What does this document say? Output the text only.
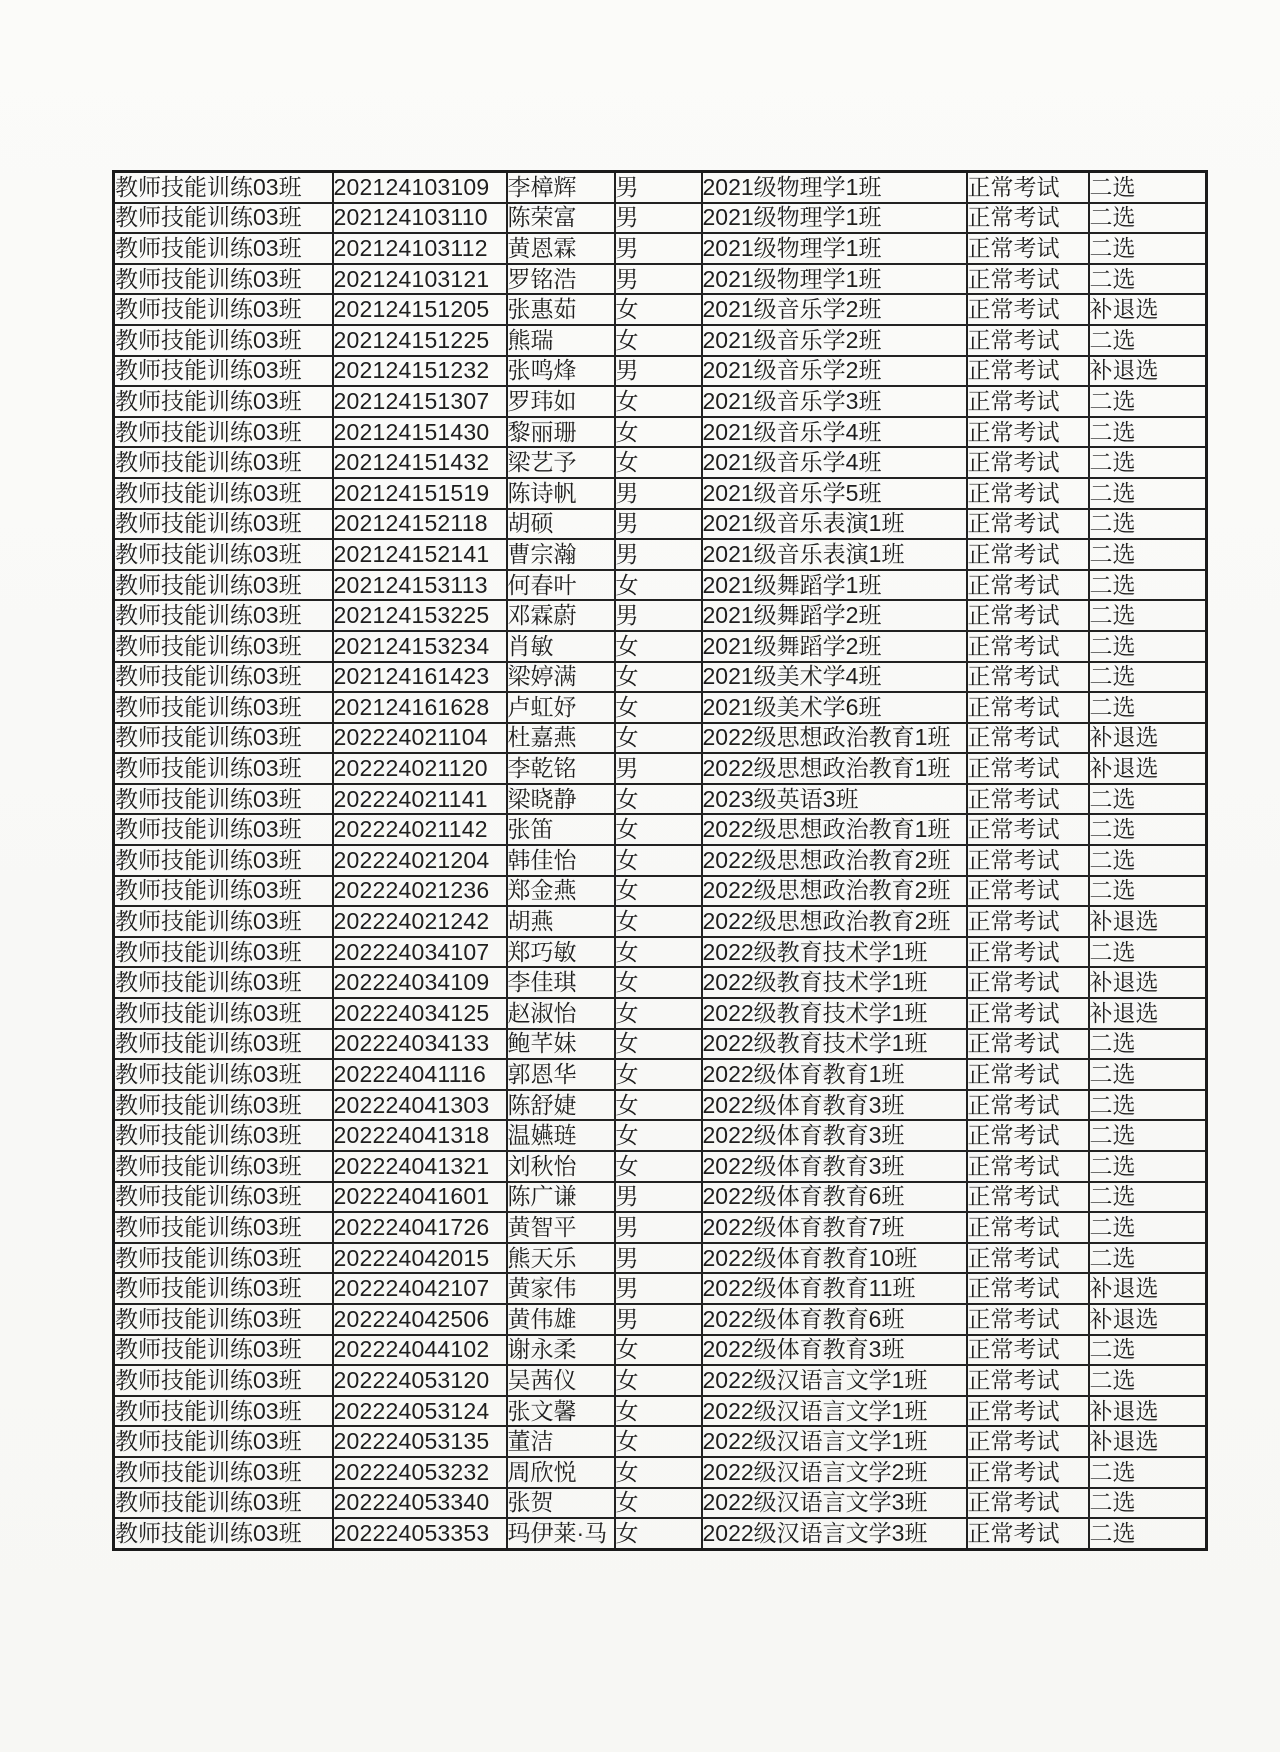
教师技能训练03班	202124103109	李樟辉	男	2021级物理学1班	正常考试	二选
教师技能训练03班	202124103110	陈荣富	男	2021级物理学1班	正常考试	二选
教师技能训练03班	202124103112	黄恩霖	男	2021级物理学1班	正常考试	二选
教师技能训练03班	202124103121	罗铭浩	男	2021级物理学1班	正常考试	二选
教师技能训练03班	202124151205	张惠茹	女	2021级音乐学2班	正常考试	补退选
教师技能训练03班	202124151225	熊瑞	女	2021级音乐学2班	正常考试	二选
教师技能训练03班	202124151232	张鸣烽	男	2021级音乐学2班	正常考试	补退选
教师技能训练03班	202124151307	罗玮如	女	2021级音乐学3班	正常考试	二选
教师技能训练03班	202124151430	黎丽珊	女	2021级音乐学4班	正常考试	二选
教师技能训练03班	202124151432	梁艺予	女	2021级音乐学4班	正常考试	二选
教师技能训练03班	202124151519	陈诗帆	男	2021级音乐学5班	正常考试	二选
教师技能训练03班	202124152118	胡硕	男	2021级音乐表演1班	正常考试	二选
教师技能训练03班	202124152141	曹宗瀚	男	2021级音乐表演1班	正常考试	二选
教师技能训练03班	202124153113	何春叶	女	2021级舞蹈学1班	正常考试	二选
教师技能训练03班	202124153225	邓霖蔚	男	2021级舞蹈学2班	正常考试	二选
教师技能训练03班	202124153234	肖敏	女	2021级舞蹈学2班	正常考试	二选
教师技能训练03班	202124161423	梁婷满	女	2021级美术学4班	正常考试	二选
教师技能训练03班	202124161628	卢虹妤	女	2021级美术学6班	正常考试	二选
教师技能训练03班	202224021104	杜嘉燕	女	2022级思想政治教育1班	正常考试	补退选
教师技能训练03班	202224021120	李乾铭	男	2022级思想政治教育1班	正常考试	补退选
教师技能训练03班	202224021141	梁晓静	女	2023级英语3班	正常考试	二选
教师技能训练03班	202224021142	张笛	女	2022级思想政治教育1班	正常考试	二选
教师技能训练03班	202224021204	韩佳怡	女	2022级思想政治教育2班	正常考试	二选
教师技能训练03班	202224021236	郑金燕	女	2022级思想政治教育2班	正常考试	二选
教师技能训练03班	202224021242	胡燕	女	2022级思想政治教育2班	正常考试	补退选
教师技能训练03班	202224034107	郑巧敏	女	2022级教育技术学1班	正常考试	二选
教师技能训练03班	202224034109	李佳琪	女	2022级教育技术学1班	正常考试	补退选
教师技能训练03班	202224034125	赵淑怡	女	2022级教育技术学1班	正常考试	补退选
教师技能训练03班	202224034133	鲍芊妹	女	2022级教育技术学1班	正常考试	二选
教师技能训练03班	202224041116	郭恩华	女	2022级体育教育1班	正常考试	二选
教师技能训练03班	202224041303	陈舒婕	女	2022级体育教育3班	正常考试	二选
教师技能训练03班	202224041318	温嬿琏	女	2022级体育教育3班	正常考试	二选
教师技能训练03班	202224041321	刘秋怡	女	2022级体育教育3班	正常考试	二选
教师技能训练03班	202224041601	陈广谦	男	2022级体育教育6班	正常考试	二选
教师技能训练03班	202224041726	黄智平	男	2022级体育教育7班	正常考试	二选
教师技能训练03班	202224042015	熊天乐	男	2022级体育教育10班	正常考试	二选
教师技能训练03班	202224042107	黄家伟	男	2022级体育教育11班	正常考试	补退选
教师技能训练03班	202224042506	黄伟雄	男	2022级体育教育6班	正常考试	补退选
教师技能训练03班	202224044102	谢永柔	女	2022级体育教育3班	正常考试	二选
教师技能训练03班	202224053120	吴茜仪	女	2022级汉语言文学1班	正常考试	二选
教师技能训练03班	202224053124	张文馨	女	2022级汉语言文学1班	正常考试	补退选
教师技能训练03班	202224053135	董洁	女	2022级汉语言文学1班	正常考试	补退选
教师技能训练03班	202224053232	周欣悦	女	2022级汉语言文学2班	正常考试	二选
教师技能训练03班	202224053340	张贺	女	2022级汉语言文学3班	正常考试	二选
教师技能训练03班	202224053353	玛伊莱·马	女	2022级汉语言文学3班	正常考试	二选
